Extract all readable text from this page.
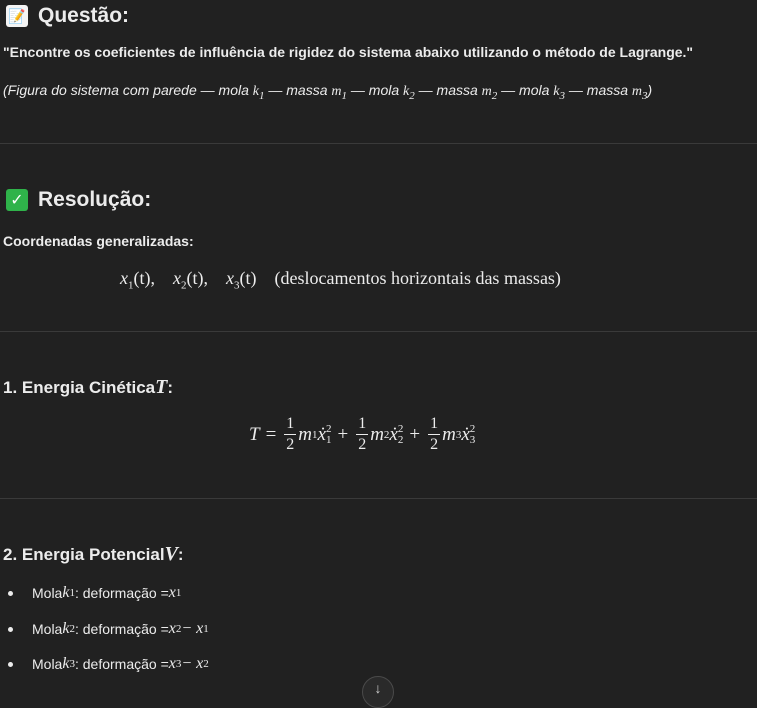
📝 Questão:
"Encontre os coeficientes de influência de rigidez do sistema abaixo utilizando o método de Lagrange."
(Figura do sistema com parede — mola $k_1$ — massa $m_1$ — mola $k_2$ — massa $m_2$ — mola $k_3$ — massa $m_3$)
✓ Resolução:
Coordenadas generalizadas:
$x_1(t)$, $x_2(t)$, $x_3(t)$ (deslocamentos horizontais das massas)
1. Energia Cinética T :
$T = \frac{1}{2}$ m 1 ẋ 2
$1 + \frac{1}{2}$ m 2 ẋ 2
$2 + \frac{1}{2}$ m 3 ẋ 2
3
2. Energia Potencial V :
Mola k 1 : deformação = x 1
Mola k 2 : deformação = x 2 − x 1
Mola k 3 : deformação = x 3 − x 2
↓
